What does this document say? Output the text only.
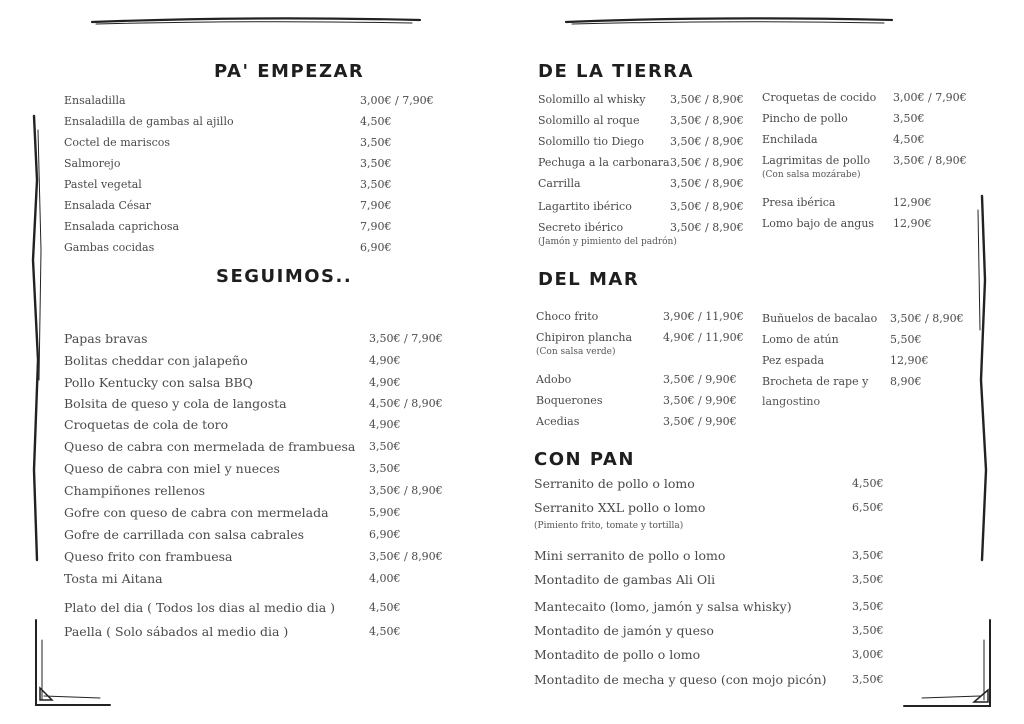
PA' EMPEZAR
Ensaladilla	3,00€ / 7,90€
Ensaladilla de gambas al ajillo	4,50€
Coctel de mariscos	3,50€
Salmorejo	3,50€
Pastel vegetal	3,50€
Ensalada César	7,90€
Ensalada caprichosa	7,90€
Gambas cocidas	6,90€
SEGUIMOS..
Papas bravas	3,50€ / 7,90€
Bolitas cheddar con jalapeño	4,90€
Pollo Kentucky con salsa BBQ	4,90€
Bolsita de queso y cola de langosta	4,50€ / 8,90€
Croquetas de cola de toro	4,90€
Queso de cabra con mermelada de frambuesa 3,50€
Queso de cabra con miel y nueces	3,50€
Champiñones rellenos	3,50€ / 8,90€
Gofre con queso de cabra con mermelada	5,90€
Gofre de carrillada con salsa cabrales	6,90€
Queso frito con frambuesa	3,50€ / 8,90€
Tosta mi Aitana	4,00€
Plato del dia ( Todos los dias al medio dia )	4,50€
Paella ( Solo sábados al medio dia )	4,50€
DE LA TIERRA
Solomillo al whisky 3,50€ / 8,90€
Solomillo al roque	3,50€ / 8,90€
Solomillo tio Diego 3,50€ / 8,90€
Pechuga a la carbonara 3,50€ / 8,90€
Carrilla	3,50€ / 8,90€
Lagartito ibérico	3,50€ / 8,90€
Secreto ibérico	3,50€ / 8,90€
(Jamón y pimiento del padrón)
Croquetas de cocido 3,00€ / 7,90€
Pincho de pollo	3,50€
Enchilada	4,50€
Lagrimitas de pollo 3,50€ / 8,90€
(Con salsa mozárabe)
Presa ibérica	12,90€
Lomo bajo de angus 12,90€
DEL MAR
Choco frito	3,90€ / 11,90€
Chipiron plancha	4,90€ / 11,90€
(Con salsa verde)
Adobo	3,50€ / 9,90€
Boquerones	3,50€ / 9,90€
Acedias	3,50€ / 9,90€
Buñuelos de bacalao 3,50€ / 8,90€
Lomo de atún	5,50€
Pez espada	12,90€
Brocheta de rape y 8,90€
langostino
CON PAN
Serranito de pollo o lomo	4,50€
Serranito XXL pollo o lomo	6,50€
(Pimiento frito, tomate y tortilla)
Mini serranito de pollo o lomo	3,50€
Montadito de gambas Ali Oli	3,50€
Mantecaito (lomo, jamón y salsa whisky)	3,50€
Montadito de jamón y queso	3,50€
Montadito de pollo o lomo	3,00€
Montadito de mecha y queso (con mojo picón) 3,50€
